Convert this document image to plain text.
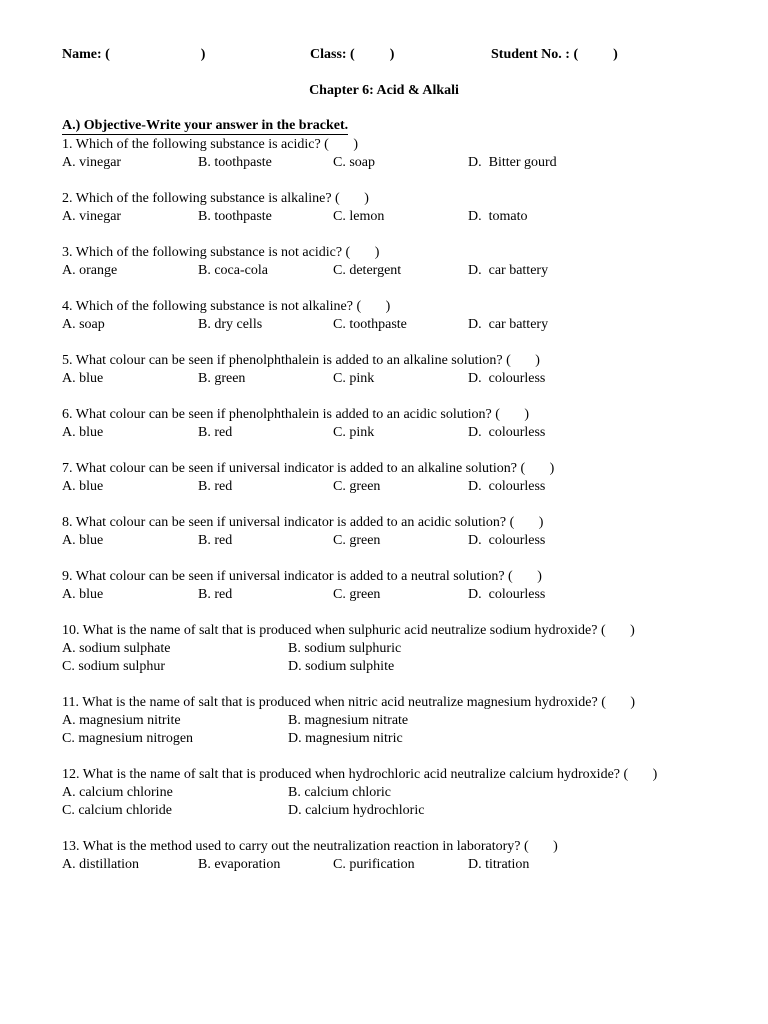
Name: (                          )	Class: (          )	Student No. : (          )
Chapter 6: Acid & Alkali
A.) Objective-Write your answer in the bracket.
1. Which of the following substance is acidic? (       )
A. vinegar	B. toothpaste	C. soap	D.  Bitter gourd
2. Which of the following substance is alkaline? (       )
A. vinegar	B. toothpaste	C. lemon	D.  tomato
3. Which of the following substance is not acidic? (       )
A. orange	B. coca-cola	C. detergent	D.  car battery
4. Which of the following substance is not alkaline? (       )
A. soap	B. dry cells	C. toothpaste	D.  car battery
5. What colour can be seen if phenolphthalein is added to an alkaline solution? (       )
A. blue	B. green	C. pink	D.  colourless
6. What colour can be seen if phenolphthalein is added to an acidic solution? (       )
A. blue	B. red	C. pink	D.  colourless
7. What colour can be seen if universal indicator is added to an alkaline solution? (       )
A. blue	B. red	C. green	D.  colourless
8. What colour can be seen if universal indicator is added to an acidic solution? (       )
A. blue	B. red	C. green	D.  colourless
9. What colour can be seen if universal indicator is added to a neutral solution? (       )
A. blue	B. red	C. green	D.  colourless
10. What is the name of salt that is produced when sulphuric acid neutralize sodium hydroxide? (       )
A. sodium sulphate	B. sodium sulphuric
C. sodium sulphur	D. sodium sulphite
11. What is the name of salt that is produced when nitric acid neutralize magnesium hydroxide? (       )
A. magnesium nitrite	B. magnesium nitrate
C. magnesium nitrogen	D. magnesium nitric
12. What is the name of salt that is produced when hydrochloric acid neutralize calcium hydroxide? (       )
A. calcium chlorine	B. calcium chloric
C. calcium chloride	D. calcium hydrochloric
13. What is the method used to carry out the neutralization reaction in laboratory? (       )
A. distillation	B. evaporation	C. purification	D. titration
